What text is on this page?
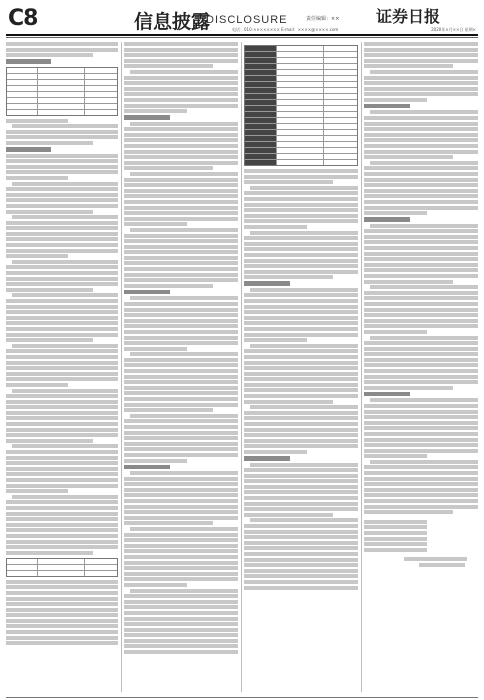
C8	信息披露
DISCLOSURE	责任编辑：××
电话：010-×××××××× E-mail：××××@××××.com
证券日报
2020年×月××日 星期×
